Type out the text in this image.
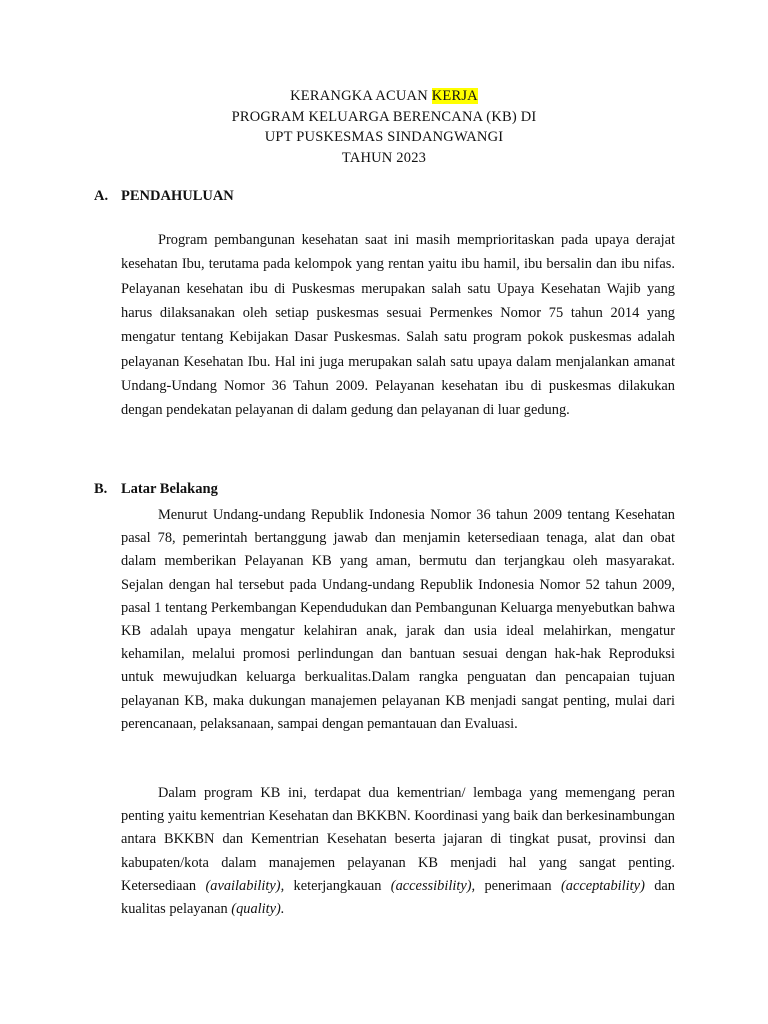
KERANGKA ACUAN KERJA
PROGRAM KELUARGA BERENCANA (KB) DI
UPT PUSKESMAS SINDANGWANGI
TAHUN 2023
A. PENDAHULUAN

Program pembangunan kesehatan saat ini masih memprioritaskan pada upaya derajat kesehatan Ibu, terutama pada kelompok yang rentan yaitu ibu hamil, ibu bersalin dan ibu nifas. Pelayanan kesehatan ibu di Puskesmas merupakan salah satu Upaya Kesehatan Wajib yang harus dilaksanakan oleh setiap puskesmas sesuai Permenkes Nomor 75 tahun 2014 yang mengatur tentang Kebijakan Dasar Puskesmas. Salah satu program pokok puskesmas adalah pelayanan Kesehatan Ibu. Hal ini juga merupakan salah satu upaya dalam menjalankan amanat Undang-Undang Nomor 36 Tahun 2009. Pelayanan kesehatan ibu di puskesmas dilakukan dengan pendekatan pelayanan di dalam gedung dan pelayanan di luar gedung.

B. Latar Belakang

Menurut Undang-undang Republik Indonesia Nomor 36 tahun 2009 tentang Kesehatan pasal 78, pemerintah bertanggung jawab dan menjamin ketersediaan tenaga, alat dan obat dalam memberikan Pelayanan KB yang aman, bermutu dan terjangkau oleh masyarakat. Sejalan dengan hal tersebut pada Undang-undang Republik Indonesia Nomor 52 tahun 2009, pasal 1 tentang Perkembangan Kependudukan dan Pembangunan Keluarga menyebutkan bahwa KB adalah upaya mengatur kelahiran anak, jarak dan usia ideal melahirkan, mengatur kehamilan, melalui promosi perlindungan dan bantuan sesuai dengan hak-hak Reproduksi untuk mewujudkan keluarga berkualitas.Dalam rangka penguatan dan pencapaian tujuan pelayanan KB, maka dukungan manajemen pelayanan KB menjadi sangat penting, mulai dari perencanaan, pelaksanaan, sampai dengan pemantauan dan Evaluasi.

Dalam program KB ini, terdapat dua kementrian/ lembaga yang memengang peran penting yaitu kementrian Kesehatan dan BKKBN. Koordinasi yang baik dan berkesinambungan antara BKKBN dan Kementrian Kesehatan beserta jajaran di tingkat pusat, provinsi dan kabupaten/kota dalam manajemen pelayanan KB menjadi hal yang sangat penting. Ketersediaan (availability), keterjangkauan (accessibility), penerimaan (acceptability) dan kualitas pelayanan (quality).
